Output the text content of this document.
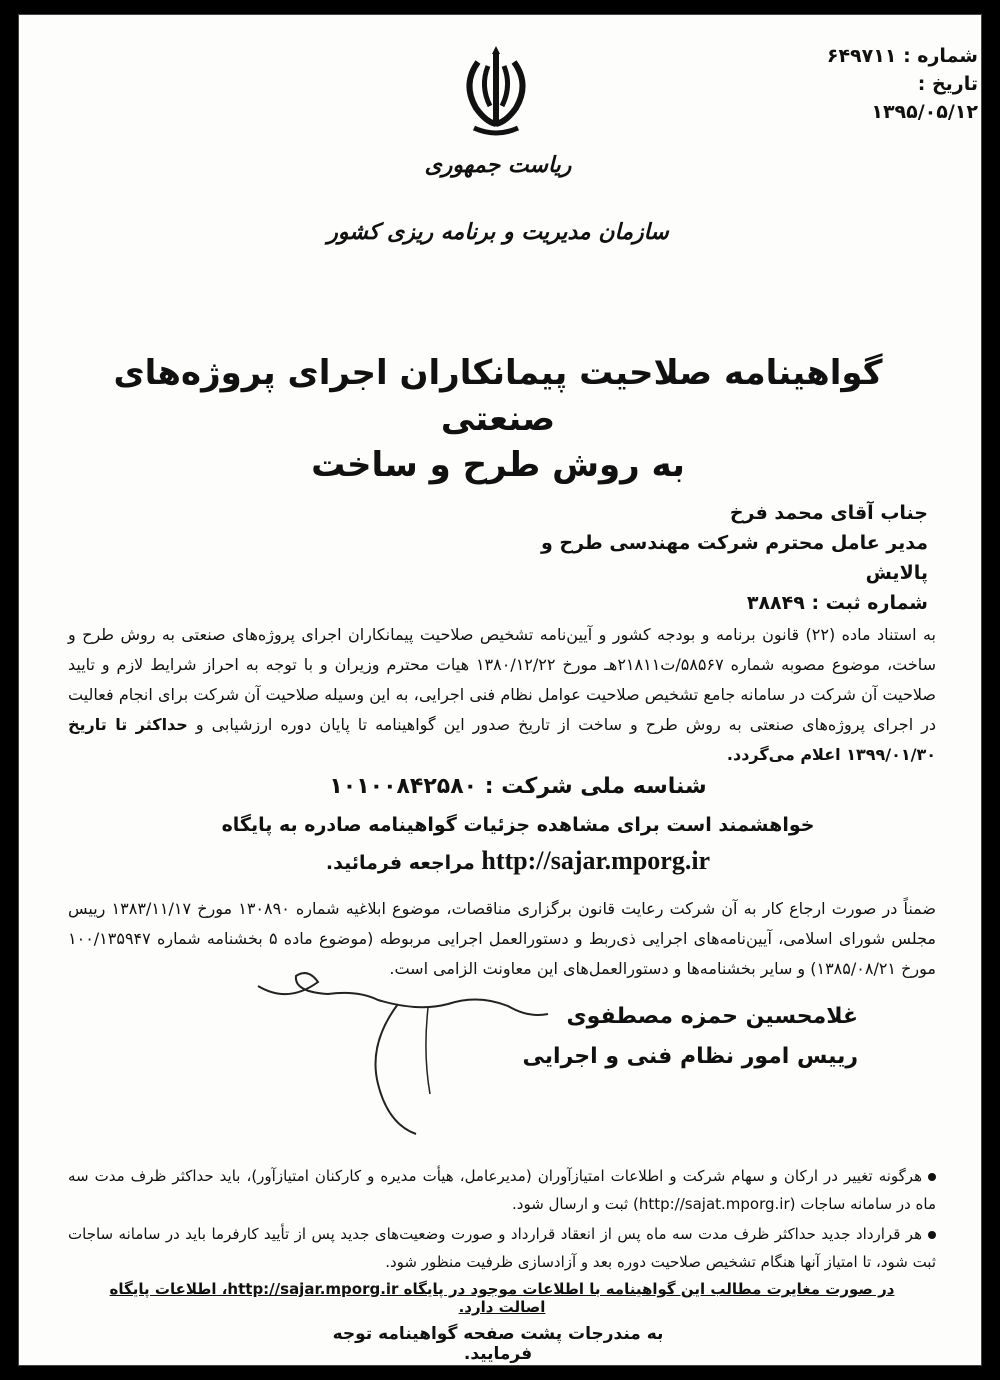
شماره : ۶۴۹۷۱۱
تاریخ : ۱۳۹۵/۰۵/۱۲
ریاست جمهوری
سازمان مدیریت و برنامه ریزی کشور
گواهینامه صلاحیت پیمانکاران اجرای پروژه‌های صنعتی
به روش طرح و ساخت
جناب آقای محمد فرخ
مدیر عامل محترم شرکت مهندسی طرح و پالایش
شماره ثبت : ۳۸۸۴۹
به استناد ماده (۲۲) قانون برنامه و بودجه کشور و آیین‌نامه تشخیص صلاحیت پیمانکاران اجرای پروژه‌های صنعتی به روش طرح و ساخت، موضوع مصوبه شماره ۵۸۵۶۷/ت۲۱۸۱۱هـ مورخ ۱۳۸۰/۱۲/۲۲ هیات محترم وزیران و با توجه به احراز شرایط لازم و تایید صلاحیت آن شرکت در سامانه جامع تشخیص صلاحیت عوامل نظام فنی اجرایی، به این وسیله صلاحیت آن شرکت برای انجام فعالیت در اجرای پروژه‌های صنعتی به روش طرح و ساخت از تاریخ صدور این گواهینامه تا پایان دوره ارزشیابی و حداکثر تا تاریخ ۱۳۹۹/۰۱/۳۰ اعلام می‌گردد.
شناسه ملی شرکت : ۱۰۱۰۰۸۴۲۵۸۰
خواهشمند است برای مشاهده جزئیات گواهینامه صادره به پایگاه
http://sajar.mporg.ir مراجعه فرمائید.
ضمناً در صورت ارجاع کار به آن شرکت رعایت قانون برگزاری مناقصات، موضوع ابلاغیه شماره ۱۳۰۸۹۰ مورخ ۱۳۸۳/۱۱/۱۷ رییس مجلس شورای اسلامی، آیین‌نامه‌های اجرایی ذی‌ربط و دستورالعمل اجرایی مربوطه (موضوع ماده ۵ بخشنامه شماره ۱۰۰/۱۳۵۹۴۷ مورخ ۱۳۸۵/۰۸/۲۱) و سایر بخشنامه‌ها و دستورالعمل‌های این معاونت الزامی است.
غلامحسین حمزه مصطفوی
رییس امور نظام فنی و اجرایی
هرگونه تغییر در ارکان و سهام شرکت و اطلاعات امتیازآوران (مدیرعامل، هیأت مدیره و کارکنان امتیازآور)، باید حداکثر ظرف مدت سه ماه در سامانه ساجات (http://sajat.mporg.ir) ثبت و ارسال شود.
هر قرارداد جدید حداکثر ظرف مدت سه ماه پس از انعقاد قرارداد و صورت وضعیت‌های جدید پس از تأیید کارفرما باید در سامانه ساجات ثبت شود، تا امتیاز آنها هنگام تشخیص صلاحیت دوره بعد و آزادسازی ظرفیت منظور شود.
در صورت مغایرت مطالب این گواهینامه با اطلاعات موجود در پایگاه http://sajar.mporg.ir، اطلاعات پایگاه اصالت دارد.
به مندرجات پشت صفحه گواهینامه توجه فرمایید.
